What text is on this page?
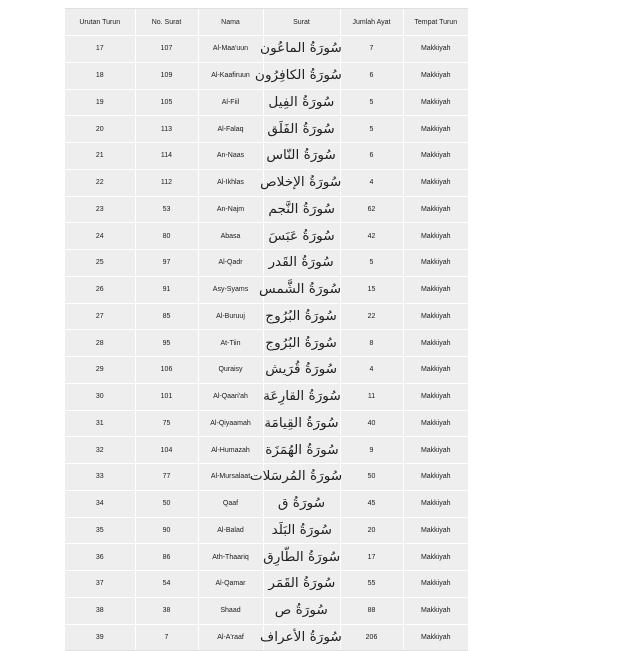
Urutan Turun	No. Surat	Nama	Surat	Jumlah Ayat	Tempat Turun
17	107	Al-Maa'uun	سُورَةُ الماعُون	7	Makkiyah
18	109	Al-Kaafiruun	سُورَةُ الكافِرُون	6	Makkiyah
19	105	Al-Fiil	سُورَةُ الفِيل	5	Makkiyah
20	113	Al-Falaq	سُورَةُ الفَلَق	5	Makkiyah
21	114	An-Naas	سُورَةُ النّاس	6	Makkiyah
22	112	Al-Ikhlas	سُورَةُ الإخلاص	4	Makkiyah
23	53	An-Najm	سُورَةُ النَّجم	62	Makkiyah
24	80	Abasa	سُورَةُ عَبَسَ	42	Makkiyah
25	97	Al-Qadr	سُورَةُ القَدر	5	Makkiyah
26	91	Asy-Syams	سُورَةُ الشَّمس	15	Makkiyah
27	85	Al-Buruuj	سُورَةُ البُرُوج	22	Makkiyah
28	95	At-Tiin	سُورَةُ البُرُوج	8	Makkiyah
29	106	Quraisy	سُورَةُ قُرَيش	4	Makkiyah
30	101	Al-Qaari'ah	سُورَةُ القارِعَة	11	Makkiyah
31	75	Al-Qiyaamah	سُورَةُ القِيامَة	40	Makkiyah
32	104	Al-Humazah	سُورَةُ الهُمَزَة	9	Makkiyah
33	77	Al-Mursalaat	سُورَةُ المُرسَلات	50	Makkiyah
34	50	Qaaf	سُورَةُ ق	45	Makkiyah
35	90	Al-Balad	سُورَةُ البَلَد	20	Makkiyah
36	86	Ath-Thaariq	سُورَةُ الطّارِق	17	Makkiyah
37	54	Al-Qamar	سُورَةُ القَمَر	55	Makkiyah
38	38	Shaad	سُورَةُ ص	88	Makkiyah
39	7	Al-A'raaf	سُورَةُ الأعراف	206	Makkiyah
